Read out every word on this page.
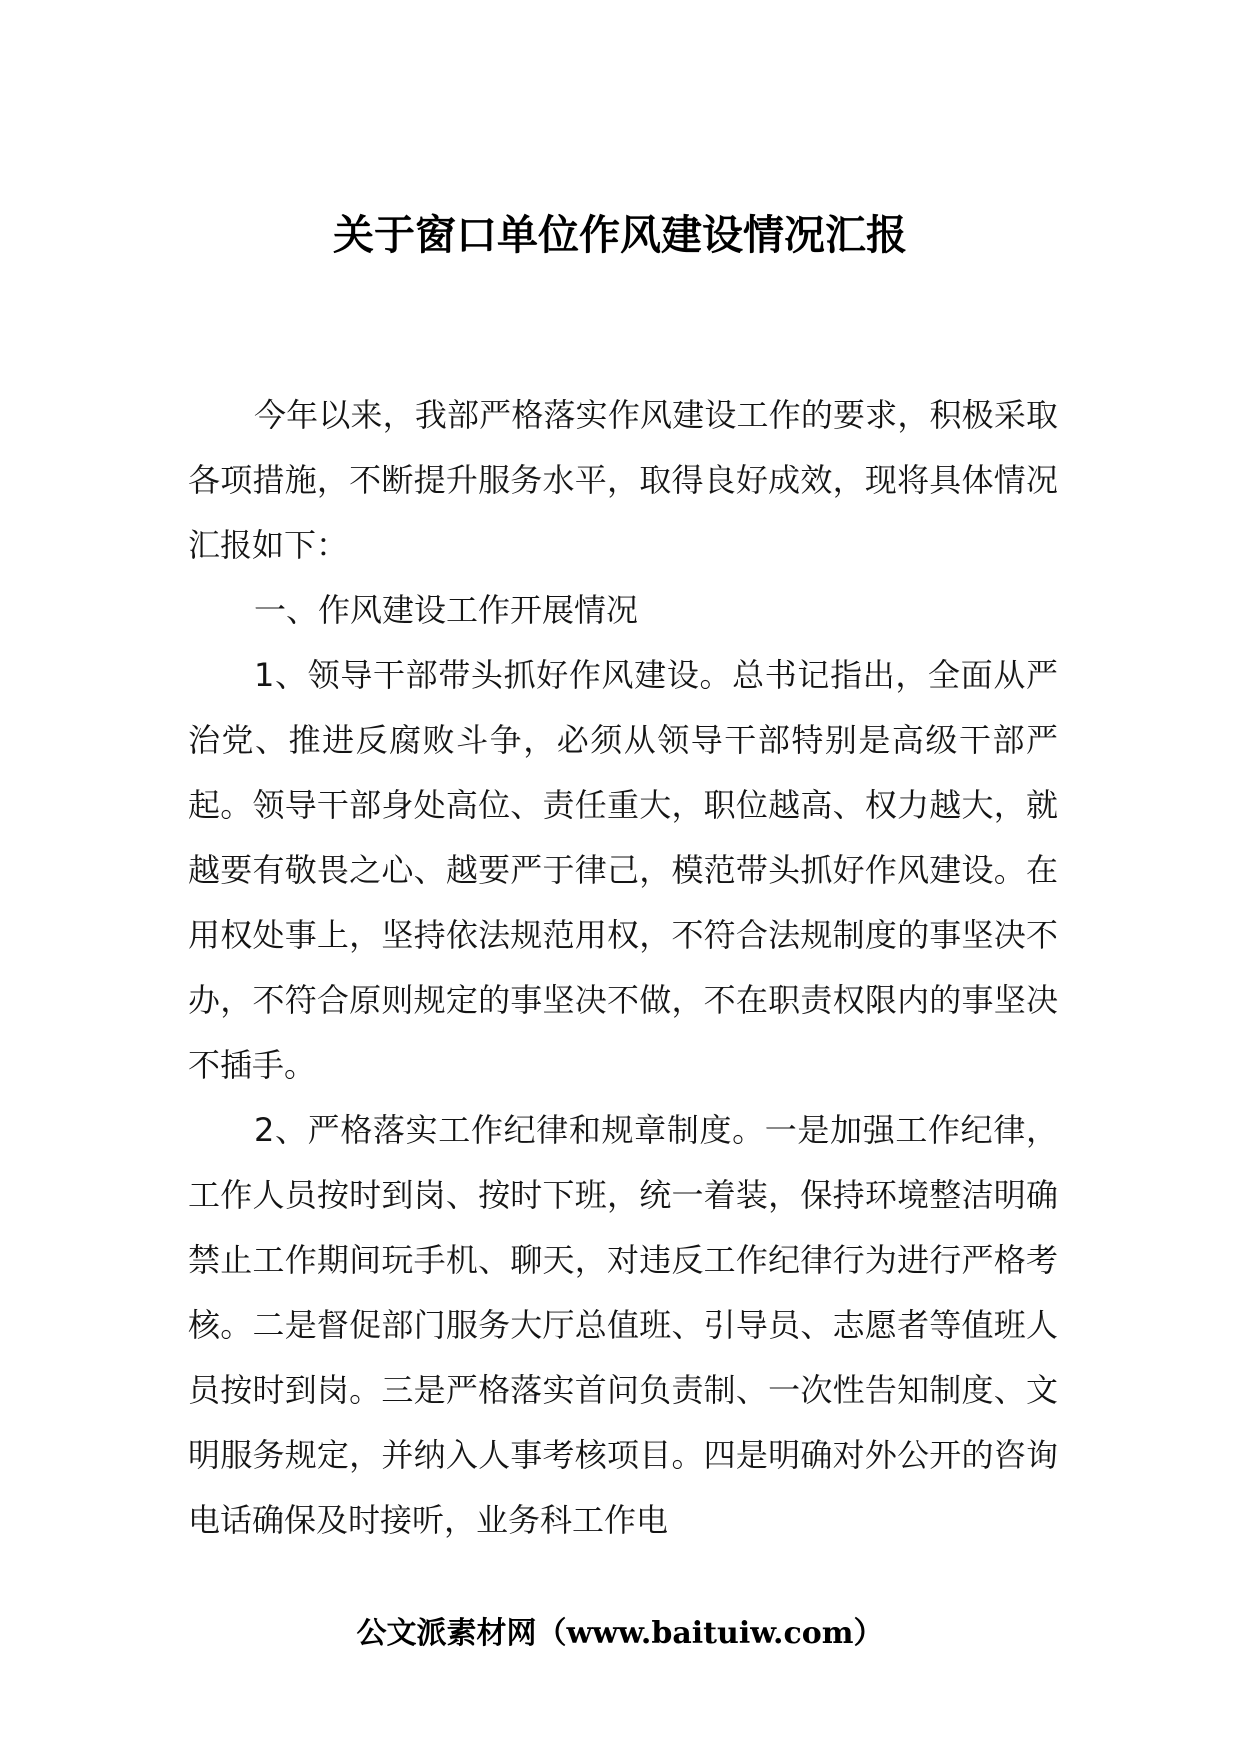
关于窗口单位作风建设情况汇报

今年以来，我部严格落实作风建设工作的要求，积极采取各项措施，不断提升服务水平，取得良好成效，现将具体情况汇报如下：

一、作风建设工作开展情况

1、领导干部带头抓好作风建设。总书记指出，全面从严治党、推进反腐败斗争，必须从领导干部特别是高级干部严起。领导干部身处高位、责任重大，职位越高、权力越大，就越要有敬畏之心、越要严于律己，模范带头抓好作风建设。在用权处事上，坚持依法规范用权，不符合法规制度的事坚决不办，不符合原则规定的事坚决不做，不在职责权限内的事坚决不插手。

2、严格落实工作纪律和规章制度。一是加强工作纪律，工作人员按时到岗、按时下班，统一着装，保持环境整洁明确禁止工作期间玩手机、聊天，对违反工作纪律行为进行严格考核。二是督促部门服务大厅总值班、引导员、志愿者等值班人员按时到岗。三是严格落实首问负责制、一次性告知制度、文明服务规定，并纳入人事考核项目。四是明确对外公开的咨询电话确保及时接听，业务科工作电

公文派素材网（www.baituiw.com）
